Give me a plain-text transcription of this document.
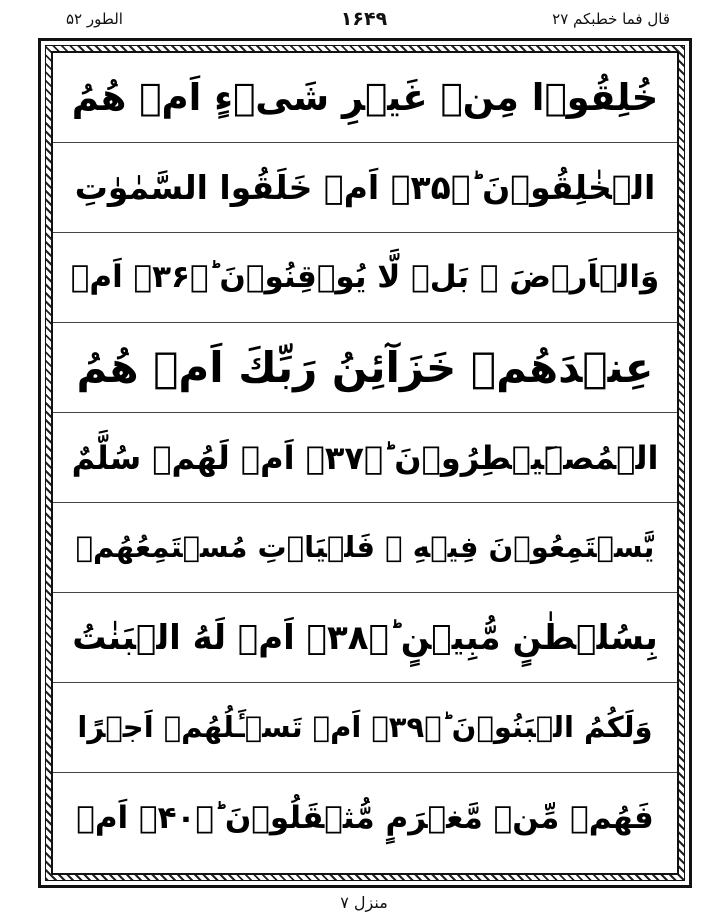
الطور ۵۲	۱۶۴۹	قال فما خطبکم ۲۷
خُلِقُوۡا مِنۡ غَيۡرِ شَىۡءٍ اَمۡ هُمُ
الۡخٰلِقُوۡنَ ؕ﴿۳۵﴾ اَمۡ خَلَقُوا السَّمٰوٰتِ
وَالۡاَرۡضَ ۚ بَلۡ لَّا يُوۡقِنُوۡنَ ؕ﴿۳۶﴾ اَمۡ
عِنۡدَهُمۡ خَزَآئِنُ رَبِّكَ اَمۡ هُمُ
الۡمُصَۜيۡطِرُوۡنَ ؕ﴿۳۷﴾ اَمۡ لَهُمۡ سُلَّمٌ
يَّسۡتَمِعُوۡنَ فِيۡهِ ۚ فَلۡيَاۡتِ مُسۡتَمِعُهُمۡ
بِسُلۡطٰنٍ مُّبِيۡنٍ ؕ﴿۳۸﴾ اَمۡ لَهُ الۡبَنٰتُ
وَلَكُمُ الۡبَنُوۡنَ ؕ﴿۳۹﴾ اَمۡ تَسۡـَٔلُهُمۡ اَجۡرًا
فَهُمۡ مِّنۡ مَّغۡرَمٍ مُّثۡقَلُوۡنَ ؕ﴿۴۰﴾ اَمۡ
منزل ۷
